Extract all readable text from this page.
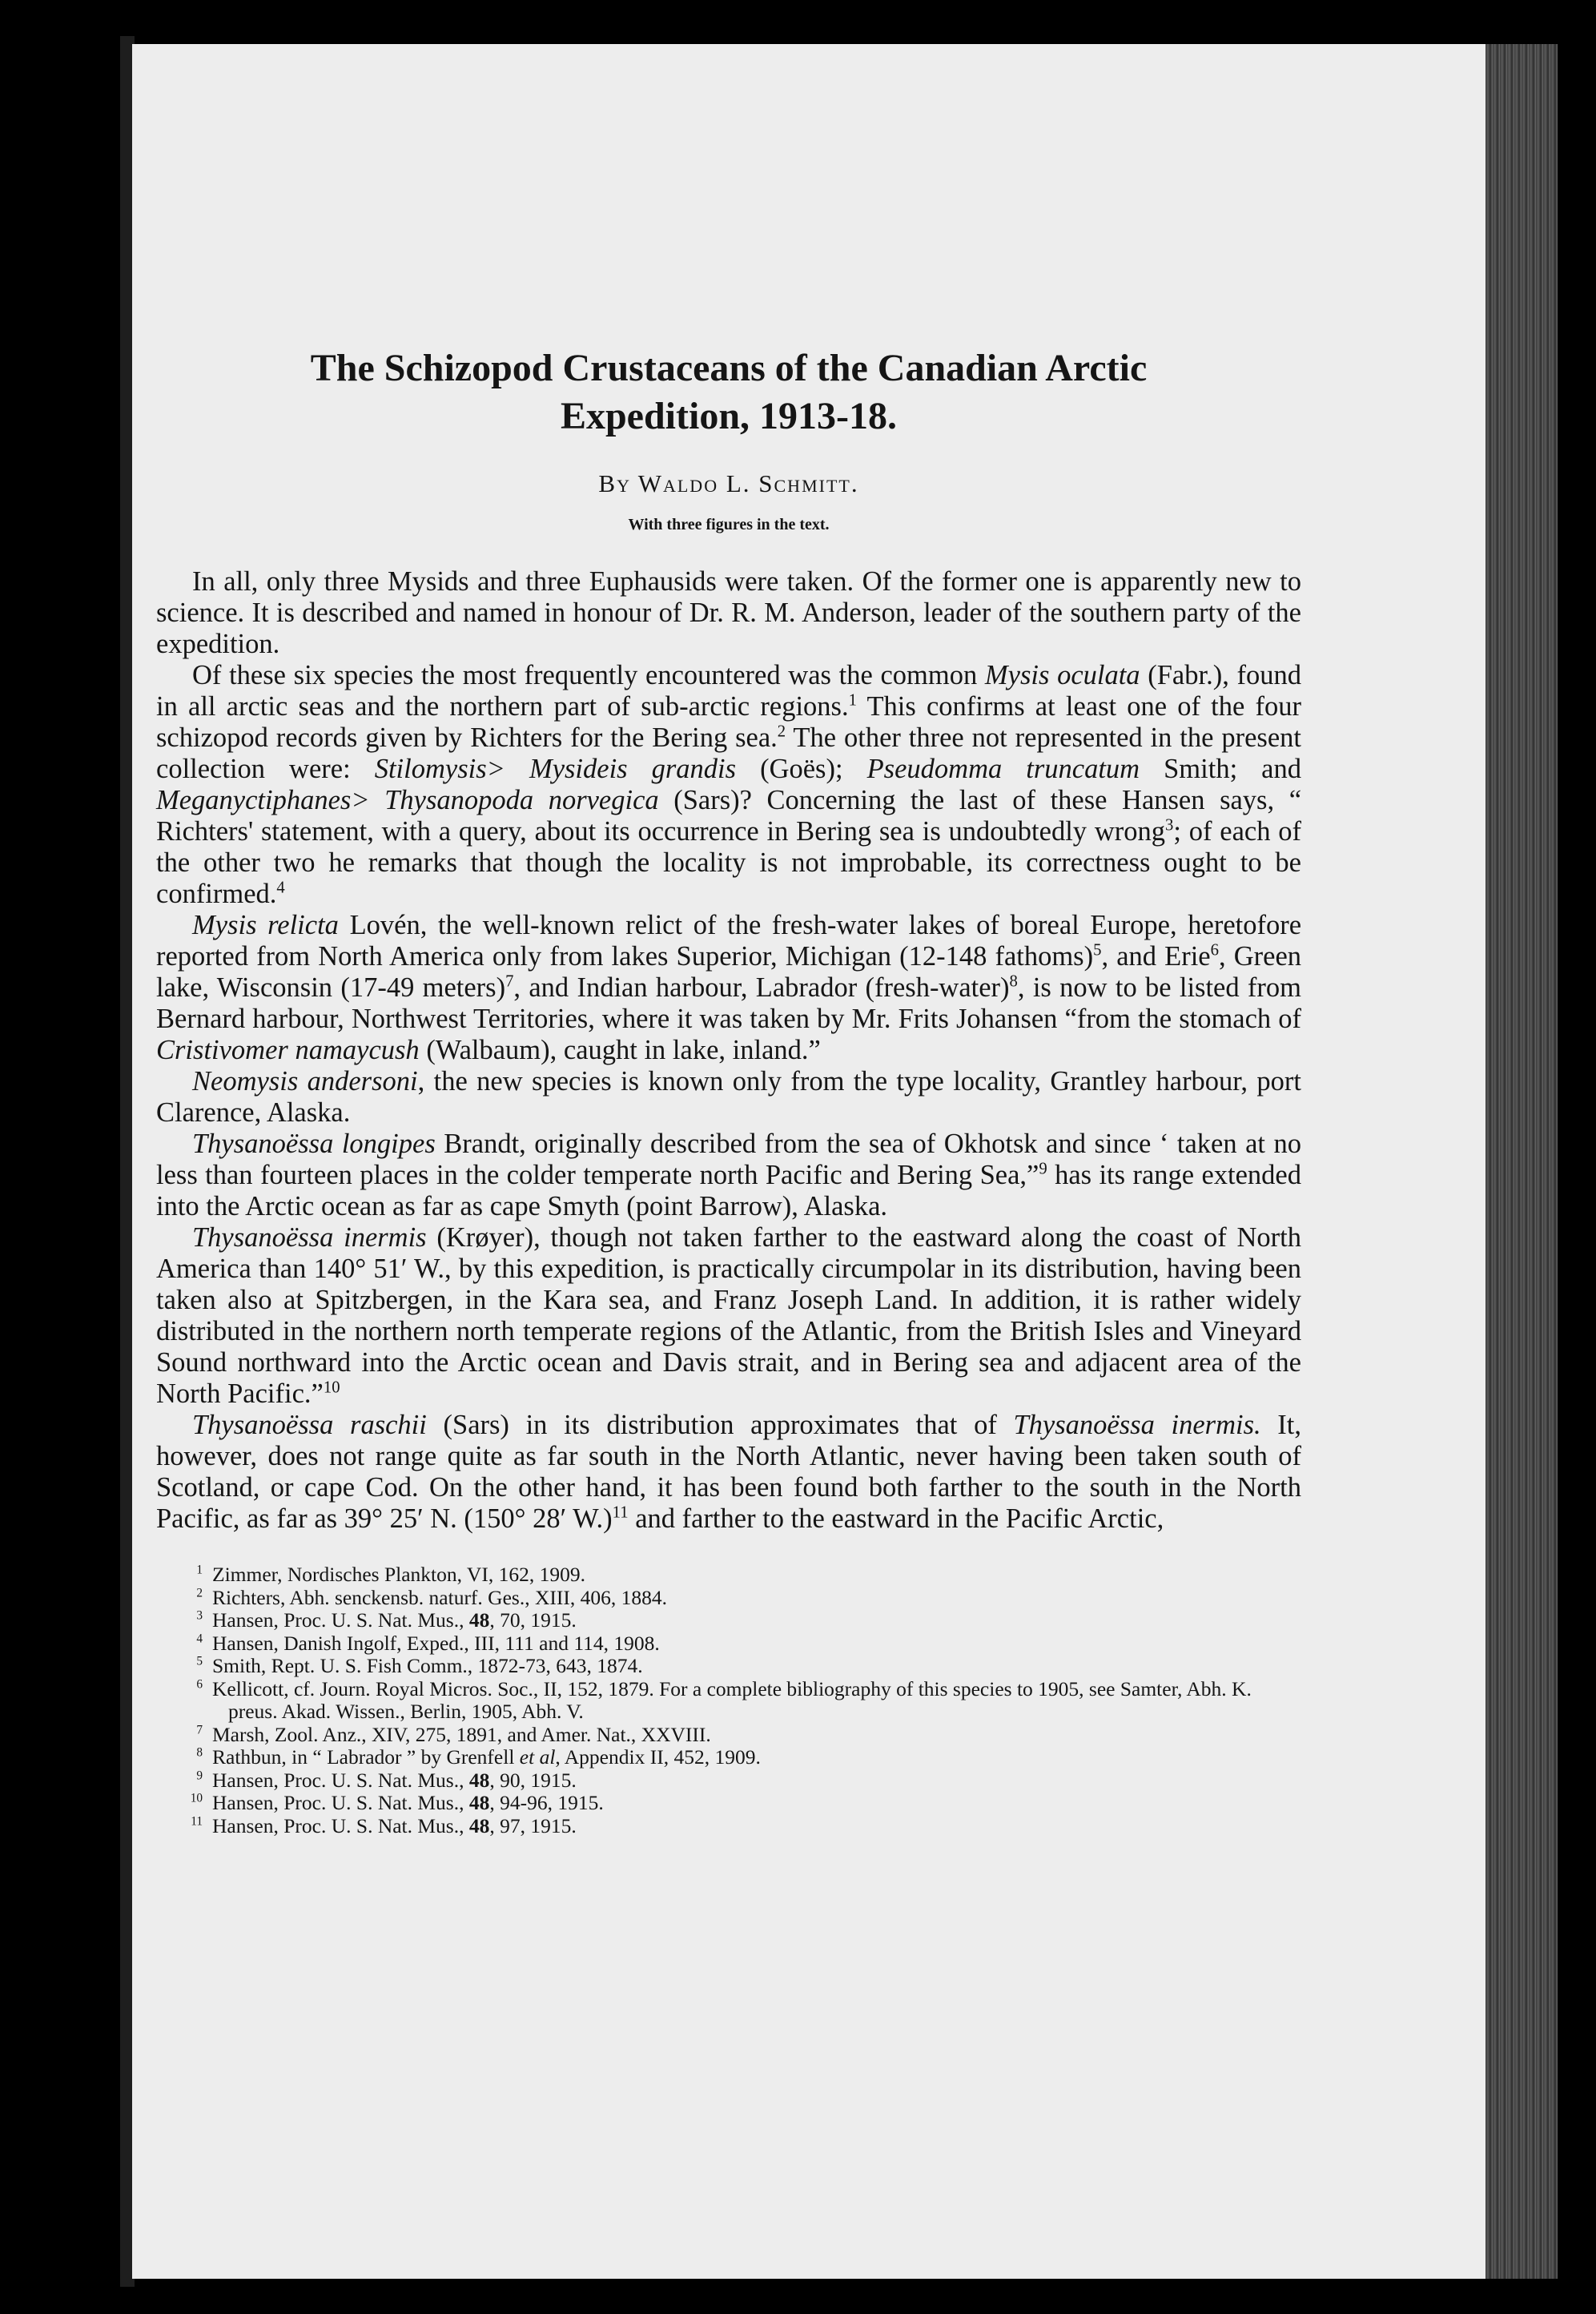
The Schizopod Crustaceans of the Canadian Arctic
Expedition, 1913-18.
By Waldo L. Schmitt.
With three figures in the text.

In all, only three Mysids and three Euphausids were taken. Of the former one is apparently new to science. It is described and named in honour of Dr. R. M. Anderson, leader of the southern party of the expedition.

Of these six species the most frequently encountered was the common Mysis oculata (Fabr.), found in all arctic seas and the northern part of sub-arctic regions.$^1$ This confirms at least one of the four schizopod records given by Richters for the Bering sea.$^2$ The other three not represented in the present collection were: Stilomysis> Mysideis grandis (Goës); Pseudomma truncatum Smith; and Meganyctiphanes> Thysanopoda norvegica (Sars)? Concerning the last of these Hansen says, “ Richters' statement, with a query, about its occurrence in Bering sea is undoubtedly wrong$^3$; of each of the other two he remarks that though the locality is not improbable, its correctness ought to be confirmed.$^4$

Mysis relicta Lovén, the well-known relict of the fresh-water lakes of boreal Europe, heretofore reported from North America only from lakes Superior, Michigan (12-148 fathoms)$^5$, and Erie$^6$, Green lake, Wisconsin (17-49 meters)$^7$, and Indian harbour, Labrador (fresh-water)$^8$, is now to be listed from Bernard harbour, Northwest Territories, where it was taken by Mr. Frits Johansen “from the stomach of Cristivomer namaycush (Walbaum), caught in lake, inland.”

Neomysis andersoni, the new species is known only from the type locality, Grantley harbour, port Clarence, Alaska.

Thysanoëssa longipes Brandt, originally described from the sea of Okhotsk and since ‘ taken at no less than fourteen places in the colder temperate north Pacific and Bering Sea,”$^9$ has its range extended into the Arctic ocean as far as cape Smyth (point Barrow), Alaska.

Thysanoëssa inermis (Krøyer), though not taken farther to the eastward along the coast of North America than 140° 51′ W., by this expedition, is practically circumpolar in its distribution, having been taken also at Spitzbergen, in the Kara sea, and Franz Joseph Land. In addition, it is rather widely distributed in the northern north temperate regions of the Atlantic, from the British Isles and Vineyard Sound northward into the Arctic ocean and Davis strait, and in Bering sea and adjacent area of the North Pacific.”$^{10}$

Thysanoëssa raschii (Sars) in its distribution approximates that of Thysanoëssa inermis. It, however, does not range quite as far south in the North Atlantic, never having been taken south of Scotland, or cape Cod. On the other hand, it has been found both farther to the south in the North Pacific, as far as 39° 25′ N. (150° 28′ W.)$^{11}$ and farther to the eastward in the Pacific Arctic,

$^1$ Zimmer, Nordisches Plankton, VI, 162, 1909.

$^2$ Richters, Abh. senckensb. naturf. Ges., XIII, 406, 1884.

$^3$ Hansen, Proc. U. S. Nat. Mus., 48, 70, 1915.

$^4$ Hansen, Danish Ingolf, Exped., III, 111 and 114, 1908.

$^5$ Smith, Rept. U. S. Fish Comm., 1872-73, 643, 1874.

$^6$ Kellicott, cf. Journ. Royal Micros. Soc., II, 152, 1879. For a complete bibliography of this species to 1905, see Samter, Abh. K. preus. Akad. Wissen., Berlin, 1905, Abh. V.

$^7$ Marsh, Zool. Anz., XIV, 275, 1891, and Amer. Nat., XXVIII.

$^8$ Rathbun, in “ Labrador ” by Grenfell et al, Appendix II, 452, 1909.

$^9$ Hansen, Proc. U. S. Nat. Mus., 48, 90, 1915.

$^{10}$ Hansen, Proc. U. S. Nat. Mus., 48, 94-96, 1915.

$^{11}$ Hansen, Proc. U. S. Nat. Mus., 48, 97, 1915.
